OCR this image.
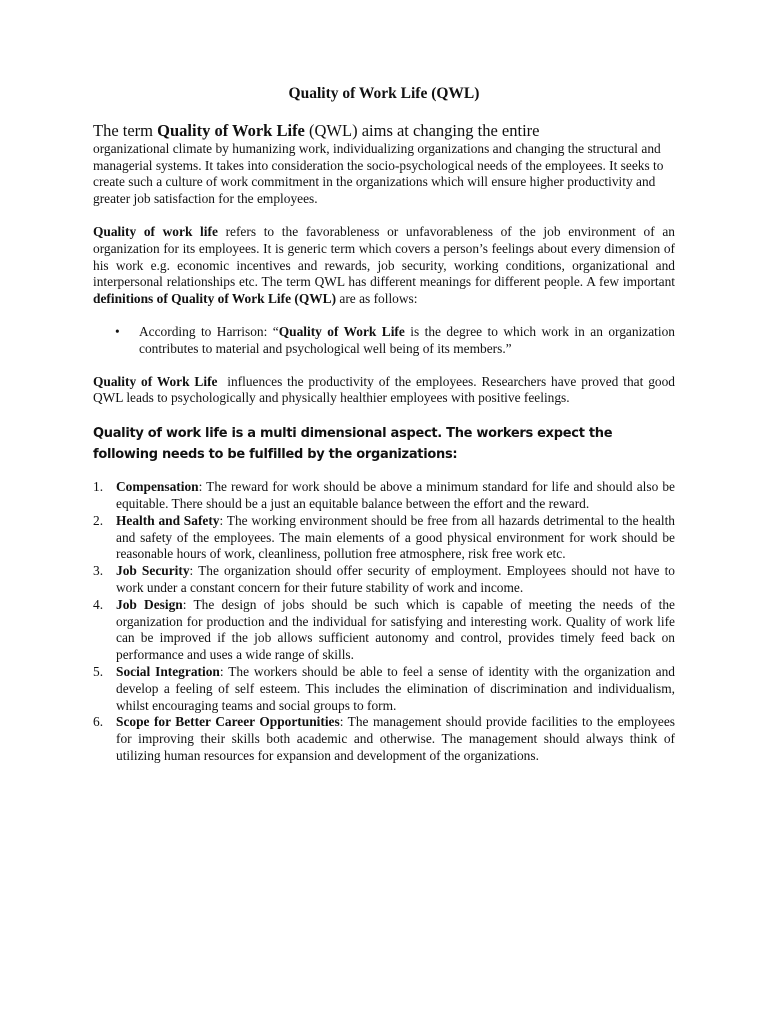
Quality of Work Life (QWL)

The term Quality of Work Life (QWL) aims at changing the entire

organizational climate by humanizing work, individualizing organizations and changing the structural and managerial systems. It takes into consideration the socio-psychological needs of the employees. It seeks to create such a culture of work commitment in the organizations which will ensure higher productivity and greater job satisfaction for the employees.

Quality of work life refers to the favorableness or unfavorableness of the job environment of an organization for its employees. It is generic term which covers a person’s feelings about every dimension of his work e.g. economic incentives and rewards, job security, working conditions, organizational and interpersonal relationships etc. The term QWL has different meanings for different people. A few important definitions of Quality of Work Life (QWL) are as follows:

• According to Harrison: “Quality of Work Life is the degree to which work in an organization contributes to material and psychological well being of its members.”

Quality of Work Life  influences the productivity of the employees. Researchers have proved that good QWL leads to psychologically and physically healthier employees with positive feelings.

Quality of work life is a multi dimensional aspect. The workers expect the following needs to be fulfilled by the organizations:

1. Compensation: The reward for work should be above a minimum standard for life and should also be equitable. There should be a just an equitable balance between the effort and the reward.
2. Health and Safety: The working environment should be free from all hazards detrimental to the health and safety of the employees. The main elements of a good physical environment for work should be reasonable hours of work, cleanliness, pollution free atmosphere, risk free work etc.
3. Job Security: The organization should offer security of employment. Employees should not have to work under a constant concern for their future stability of work and income.
4. Job Design: The design of jobs should be such which is capable of meeting the needs of the organization for production and the individual for satisfying and interesting work. Quality of work life can be improved if the job allows sufficient autonomy and control, provides timely feed back on performance and uses a wide range of skills.
5. Social Integration: The workers should be able to feel a sense of identity with the organization and develop a feeling of self esteem. This includes the elimination of discrimination and individualism, whilst encouraging teams and social groups to form.
6. Scope for Better Career Opportunities: The management should provide facilities to the employees for improving their skills both academic and otherwise. The management should always think of utilizing human resources for expansion and development of the organizations.
